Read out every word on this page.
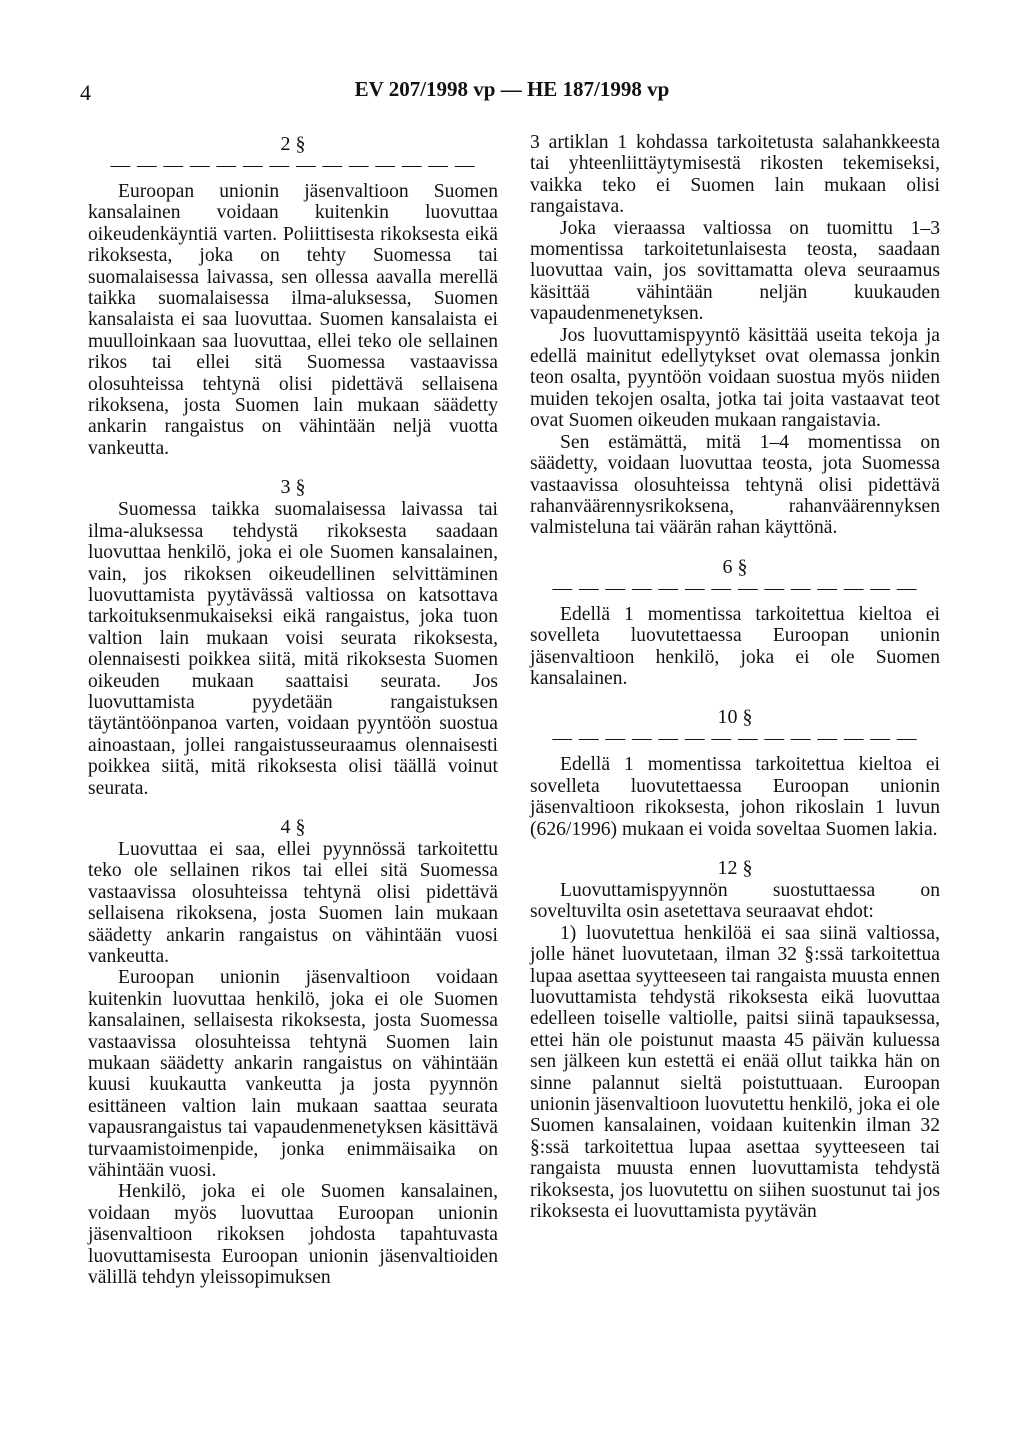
4	EV 207/1998 vp — HE 187/1998 vp

2 §

— — — — — — — — — — — — — —

Euroopan unionin jäsenvaltioon Suomen kansalainen voidaan kuitenkin luovuttaa oikeudenkäyntiä varten. Poliittisesta rikoksesta eikä rikoksesta, joka on tehty Suomessa tai suomalaisessa laivassa, sen ollessa aavalla merellä taikka suomalaisessa ilma-aluksessa, Suomen kansalaista ei saa luovuttaa. Suomen kansalaista ei muulloinkaan saa luovuttaa, ellei teko ole sellainen rikos tai ellei sitä Suomessa vastaavissa olosuhteissa tehtynä olisi pidettävä sellaisena rikoksena, josta Suomen lain mukaan säädetty ankarin rangaistus on vähintään neljä vuotta vankeutta.

3 §

Suomessa taikka suomalaisessa laivassa tai ilma-aluksessa tehdystä rikoksesta saadaan luovuttaa henkilö, joka ei ole Suomen kansalainen, vain, jos rikoksen oikeudellinen selvittäminen luovuttamista pyytävässä valtiossa on katsottava tarkoituksenmukaiseksi eikä rangaistus, joka tuon valtion lain mukaan voisi seurata rikoksesta, olennaisesti poikkea siitä, mitä rikoksesta Suomen oikeuden mukaan saattaisi seurata. Jos luovuttamista pyydetään rangaistuksen täytäntöönpanoa varten, voidaan pyyntöön suostua ainoastaan, jollei rangaistusseuraamus olennaisesti poikkea siitä, mitä rikoksesta olisi täällä voinut seurata.

4 §

Luovuttaa ei saa, ellei pyynnössä tarkoitettu teko ole sellainen rikos tai ellei sitä Suomessa vastaavissa olosuhteissa tehtynä olisi pidettävä sellaisena rikoksena, josta Suomen lain mukaan säädetty ankarin rangaistus on vähintään vuosi vankeutta.

Euroopan unionin jäsenvaltioon voidaan kuitenkin luovuttaa henkilö, joka ei ole Suomen kansalainen, sellaisesta rikoksesta, josta Suomessa vastaavissa olosuhteissa tehtynä Suomen lain mukaan säädetty ankarin rangaistus on vähintään kuusi kuukautta vankeutta ja josta pyynnön esittäneen valtion lain mukaan saattaa seurata vapausrangaistus tai vapaudenmenetyksen käsittävä turvaamistoimenpide, jonka enimmäisaika on vähintään vuosi.

Henkilö, joka ei ole Suomen kansalainen, voidaan myös luovuttaa Euroopan unionin jäsenvaltioon rikoksen johdosta tapahtuvasta luovuttamisesta Euroopan unionin jäsenvaltioiden välillä tehdyn yleissopimuksen

3 artiklan 1 kohdassa tarkoitetusta salahankkeesta tai yhteenliittäytymisestä rikosten tekemiseksi, vaikka teko ei Suomen lain mukaan olisi rangaistava.

Joka vieraassa valtiossa on tuomittu 1–3 momentissa tarkoitetunlaisesta teosta, saadaan luovuttaa vain, jos sovittamatta oleva seuraamus käsittää vähintään neljän kuukauden vapaudenmenetyksen.

Jos luovuttamispyyntö käsittää useita tekoja ja edellä mainitut edellytykset ovat olemassa jonkin teon osalta, pyyntöön voidaan suostua myös niiden muiden tekojen osalta, jotka tai joita vastaavat teot ovat Suomen oikeuden mukaan rangaistavia.

Sen estämättä, mitä 1–4 momentissa on säädetty, voidaan luovuttaa teosta, jota Suomessa vastaavissa olosuhteissa tehtynä olisi pidettävä rahanväärennysrikoksena, rahanväärennyksen valmisteluna tai väärän rahan käyttönä.

6 §

— — — — — — — — — — — — — —

Edellä 1 momentissa tarkoitettua kieltoa ei sovelleta luovutettaessa Euroopan unionin jäsenvaltioon henkilö, joka ei ole Suomen kansalainen.

10 §

— — — — — — — — — — — — — —

Edellä 1 momentissa tarkoitettua kieltoa ei sovelleta luovutettaessa Euroopan unionin jäsenvaltioon rikoksesta, johon rikoslain 1 luvun (626/1996) mukaan ei voida soveltaa Suomen lakia.

12 §

Luovuttamispyynnön suostuttaessa on soveltuvilta osin asetettava seuraavat ehdot:

1) luovutettua henkilöä ei saa siinä valtiossa, jolle hänet luovutetaan, ilman 32 §:ssä tarkoitettua lupaa asettaa syytteeseen tai rangaista muusta ennen luovuttamista tehdystä rikoksesta eikä luovuttaa edelleen toiselle valtiolle, paitsi siinä tapauksessa, ettei hän ole poistunut maasta 45 päivän kuluessa sen jälkeen kun estettä ei enää ollut taikka hän on sinne palannut sieltä poistuttuaan. Euroopan unionin jäsenvaltioon luovutettu henkilö, joka ei ole Suomen kansalainen, voidaan kuitenkin ilman 32 §:ssä tarkoitettua lupaa asettaa syytteeseen tai rangaista muusta ennen luovuttamista tehdystä rikoksesta, jos luovutettu on siihen suostunut tai jos rikoksesta ei luovuttamista pyytävän
